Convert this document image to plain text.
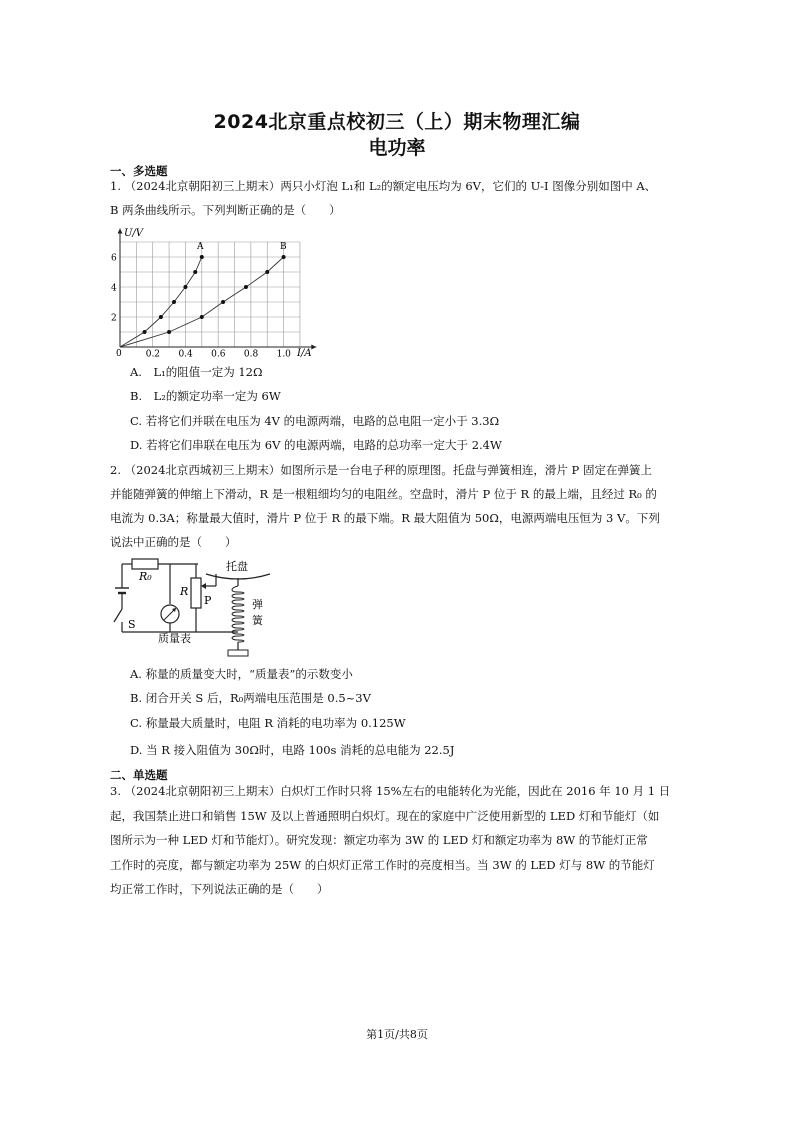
2024北京重点校初三（上）期末物理汇编
电功率
一、多选题
1. （2024北京朝阳初三上期末）两只小灯泡 L₁和 L₂的额定电压均为 6V，它们的 U-I 图像分别如图中 A、
B 两条曲线所示。下列判断正确的是（　　）
2
4
6
0.2 0.4 0.6 0.8 1.0
U/V
I/A
0
A	B
A.　L₁的阻值一定为 12Ω
B.　L₂的额定功率一定为 6W
C. 若将它们并联在电压为 4V 的电源两端，电路的总电阻一定小于 3.3Ω
D. 若将它们串联在电压为 6V 的电源两端，电路的总功率一定大于 2.4W
2. （2024北京西城初三上期末）如图所示是一台电子秤的原理图。托盘与弹簧相连，滑片 P 固定在弹簧上
并能随弹簧的伸缩上下滑动，R 是一根粗细均匀的电阻丝。空盘时，滑片 P 位于 R 的最上端，且经过 R₀ 的
电流为 0.3A；称量最大值时，滑片 P 位于 R 的最下端。R 最大阻值为 50Ω，电源两端电压恒为 3 V。下列
说法中正确的是（　　）
R₀
R
P
S
质量表
托盘
弹
簧
A. 称量的质量变大时，“质量表”的示数变小
B. 闭合开关 S 后，R₀两端电压范围是 0.5~3V
C. 称量最大质量时，电阻 R 消耗的电功率为 0.125W
D. 当 R 接入阻值为 30Ω时，电路 100s 消耗的总电能为 22.5J
二、单选题
3. （2024北京朝阳初三上期末）白炽灯工作时只将 15%左右的电能转化为光能，因此在 2016 年 10 月 1 日
起，我国禁止进口和销售 15W 及以上普通照明白炽灯。现在的家庭中广泛使用新型的 LED 灯和节能灯（如
图所示为一种 LED 灯和节能灯）。研究发现：额定功率为 3W 的 LED 灯和额定功率为 8W 的节能灯正常
工作时的亮度，都与额定功率为 25W 的白炽灯正常工作时的亮度相当。当 3W 的 LED 灯与 8W 的节能灯
均正常工作时，下列说法正确的是（　　）
第1页/共8页
